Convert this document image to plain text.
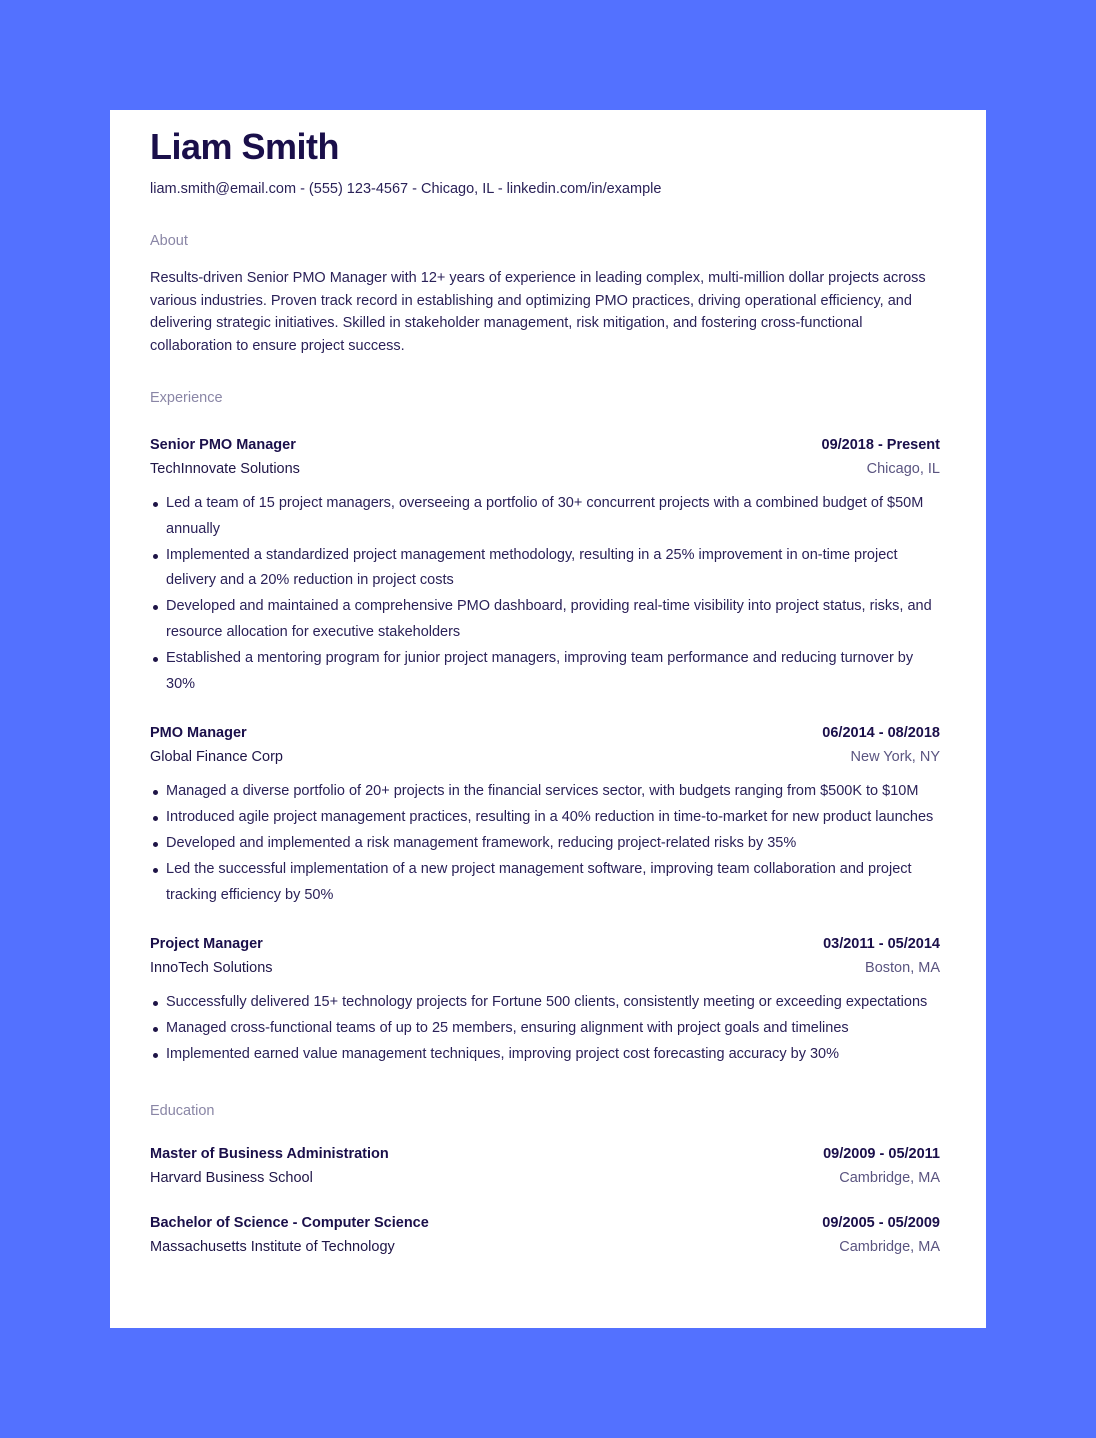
Liam Smith
liam.smith@email.com - (555) 123-4567 - Chicago, IL - linkedin.com/in/example
About
Results-driven Senior PMO Manager with 12+ years of experience in leading complex, multi-million dollar projects across various industries. Proven track record in establishing and optimizing PMO practices, driving operational efficiency, and delivering strategic initiatives. Skilled in stakeholder management, risk mitigation, and fostering cross-functional collaboration to ensure project success.
Experience
Senior PMO Manager	09/2018 - Present
TechInnovate Solutions	Chicago, IL
Led a team of 15 project managers, overseeing a portfolio of 30+ concurrent projects with a combined budget of $50M annually
Implemented a standardized project management methodology, resulting in a 25% improvement in on-time project delivery and a 20% reduction in project costs
Developed and maintained a comprehensive PMO dashboard, providing real-time visibility into project status, risks, and resource allocation for executive stakeholders
Established a mentoring program for junior project managers, improving team performance and reducing turnover by 30%
PMO Manager	06/2014 - 08/2018
Global Finance Corp	New York, NY
Managed a diverse portfolio of 20+ projects in the financial services sector, with budgets ranging from $500K to $10M
Introduced agile project management practices, resulting in a 40% reduction in time-to-market for new product launches
Developed and implemented a risk management framework, reducing project-related risks by 35%
Led the successful implementation of a new project management software, improving team collaboration and project tracking efficiency by 50%
Project Manager	03/2011 - 05/2014
InnoTech Solutions	Boston, MA
Successfully delivered 15+ technology projects for Fortune 500 clients, consistently meeting or exceeding expectations
Managed cross-functional teams of up to 25 members, ensuring alignment with project goals and timelines
Implemented earned value management techniques, improving project cost forecasting accuracy by 30%
Education
Master of Business Administration	09/2009 - 05/2011
Harvard Business School	Cambridge, MA
Bachelor of Science - Computer Science	09/2005 - 05/2009
Massachusetts Institute of Technology	Cambridge, MA
